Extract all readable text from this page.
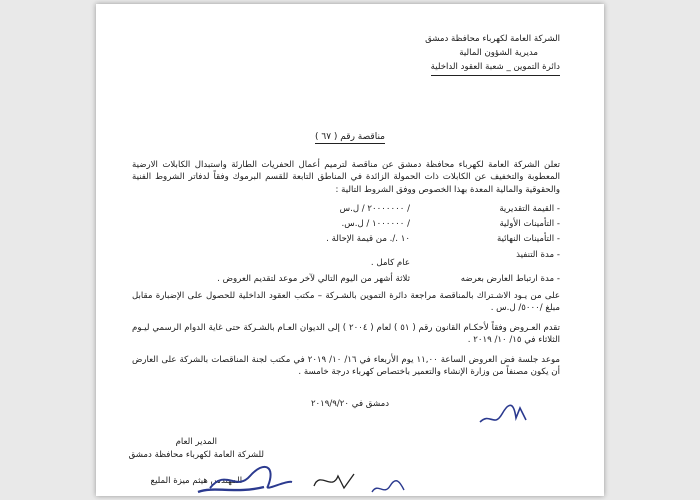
الشركة العامة لكهرباء محافظة دمشق
مديرية الشؤون المالية
دائرة التموين _ شعبة العقود الداخلية
مناقصة رقم ( ٦٧ )
تعلن الشركة العامة لكهرباء محافظة دمشق عن مناقصة لترميم أعمال الحفريات الطارئة واستبدال الكابلات الارضية المعطوبة والتخفيف عن الكابلات ذات الحمولة الزائدة في المناطق التابعة للقسم البرموك وفقاً لدفاتر الشروط الفنية والحقوقية والمالية المعدة بهذا الخصوص ووفق الشروط التالية :
- القيمة التقديرية
/ ٢٠٠٠٠٠٠٠ / ل.س
- التأمينات الأولية
/ ١٠٠٠٠٠٠ / ل.س.
- التأمينات النهائية
١٠ ./. من قيمة الإحالة .
- مدة التنفيذ
عام كامل .
- مدة ارتباط العارض بعرضه
ثلاثة أشهر من اليوم التالي لآخر موعد لتقديم العروض .
على من يـود الاشـتراك بالمناقصة مراجعة دائرة التموين بالشـركة – مكتب العقود الداخلية للحصول على الإضبارة مقابل مبلغ /٥٠٠٠/ ل.س .
تقدم العـروض وفقاً لأحكـام القانون رقم ( ٥١ ) لعام ( ٢٠٠٤ ) إلى الديوان العـام بالشـركة حتى غاية الدوام الرسمي ليـوم الثلاثاء في ١٥/ ١٠/ ٢٠١٩ .
موعد جلسة فض العروض الساعة ١١,٠٠ يوم الأربعاء في ١٦/ ١٠/ ٢٠١٩ في مكتب لجنة المناقصات بالشركة على العارض أن يكون مصنفاً من وزارة الإنشاء والتعمير باختصاص كهرباء درجة خامسة .
دمشق في ٢٠١٩/٩/٢٠
المدير العام
للشركة العامة لكهرباء محافظة دمشق
المهندس هيثم ميزة المليع
